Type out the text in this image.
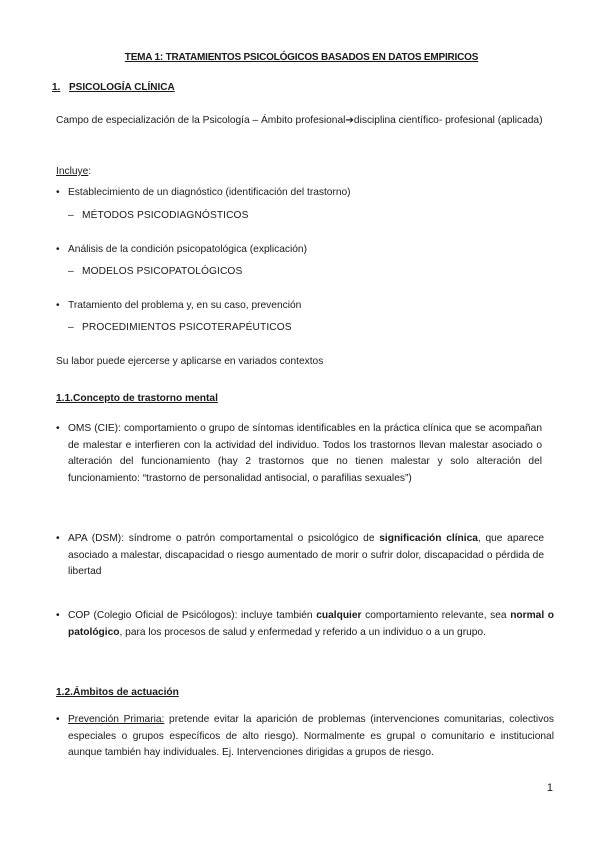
TEMA 1: TRATAMIENTOS PSICOLÓGICOS BASADOS EN DATOS EMPIRICOS
1. PSICOLOGÍA CLÍNICA
Campo de especialización de la Psicología – Ámbito profesional➔disciplina científico- profesional (aplicada)
Incluye:
• Establecimiento de un diagnóstico (identificación del trastorno)
– MÉTODOS PSICODIAGNÓSTICOS
• Análisis de la condición psicopatológica (explicación)
– MODELOS PSICOPATOLÓGICOS
• Tratamiento del problema y, en su caso, prevención
– PROCEDIMIENTOS PSICOTERAPÉUTICOS
Su labor puede ejercerse y aplicarse en variados contextos
1.1.Concepto de trastorno mental
• OMS (CIE): comportamiento o grupo de síntomas identificables en la práctica clínica que se acompañan de malestar e interfieren con la actividad del individuo. Todos los trastornos llevan malestar asociado o alteración del funcionamiento (hay 2 trastornos que no tienen malestar y solo alteración del funcionamiento: “trastorno de personalidad antisocial, o parafilias sexuales”)
• APA (DSM): síndrome o patrón comportamental o psicológico de significación clínica, que aparece asociado a malestar, discapacidad o riesgo aumentado de morir o sufrir dolor, discapacidad o pérdida de libertad
• COP (Colegio Oficial de Psicólogos): incluye también cualquier comportamiento relevante, sea normal o patológico, para los procesos de salud y enfermedad y referido a un individuo o a un grupo.
1.2.Ámbitos de actuación
• Prevención Primaria: pretende evitar la aparición de problemas (intervenciones comunitarias, colectivos especiales o grupos específicos de alto riesgo). Normalmente es grupal o comunitario e institucional aunque también hay individuales. Ej. Intervenciones dirigidas a grupos de riesgo.
1
